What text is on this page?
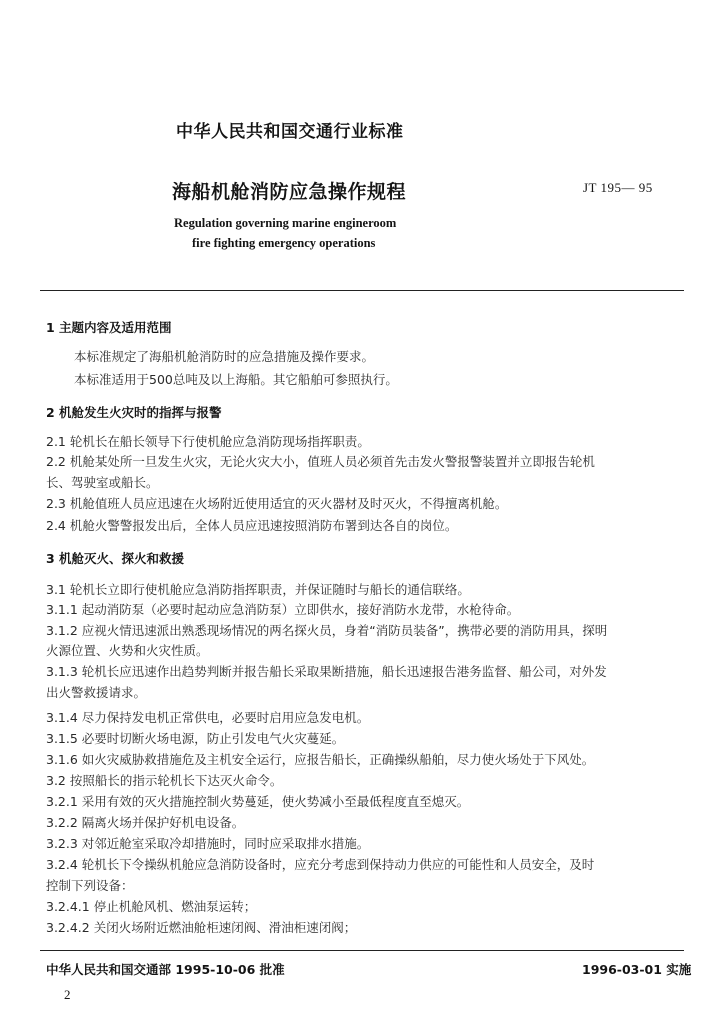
中华人民共和国交通行业标准
海船机舱消防应急操作规程	JT 195— 95
Regulation governing marine engineroom
fire fighting emergency operations
1 主题内容及适用范围
本标准规定了海船机舱消防时的应急措施及操作要求。
本标准适用于500总吨及以上海船。其它船舶可参照执行。
2 机舱发生火灾时的指挥与报警
2.1 轮机长在船长领导下行使机舱应急消防现场指挥职责。
2.2 机舱某处所一旦发生火灾，无论火灾大小，值班人员必须首先击发火警报警装置并立即报告轮机
长、驾驶室或船长。
2.3 机舱值班人员应迅速在火场附近使用适宜的灭火器材及时灭火，不得擅离机舱。
2.4 机舱火警警报发出后，全体人员应迅速按照消防布署到达各自的岗位。
3 机舱灭火、探火和救援
3.1 轮机长立即行使机舱应急消防指挥职责，并保证随时与船长的通信联络。
3.1.1 起动消防泵（必要时起动应急消防泵）立即供水，接好消防水龙带，水枪待命。
3.1.2 应视火情迅速派出熟悉现场情况的两名探火员，身着“消防员装备”，携带必要的消防用具，探明
火源位置、火势和火灾性质。
3.1.3 轮机长应迅速作出趋势判断并报告船长采取果断措施，船长迅速报告港务监督、船公司，对外发
出火警救援请求。
3.1.4 尽力保持发电机正常供电，必要时启用应急发电机。
3.1.5 必要时切断火场电源，防止引发电气火灾蔓延。
3.1.6 如火灾威胁救措施危及主机安全运行，应报告船长，正确操纵船舶，尽力使火场处于下风处。
3.2 按照船长的指示轮机长下达灭火命令。
3.2.1 采用有效的灭火措施控制火势蔓延，使火势减小至最低程度直至熄灭。
3.2.2 隔离火场并保护好机电设备。
3.2.3 对邻近舱室采取冷却措施时，同时应采取排水措施。
3.2.4 轮机长下令操纵机舱应急消防设备时，应充分考虑到保持动力供应的可能性和人员安全，及时
控制下列设备：
3.2.4.1 停止机舱风机、燃油泵运转；
3.2.4.2 关闭火场附近燃油舱柜速闭阀、滑油柜速闭阀；
中华人民共和国交通部 1995-10-06 批准	1996-03-01 实施
2
